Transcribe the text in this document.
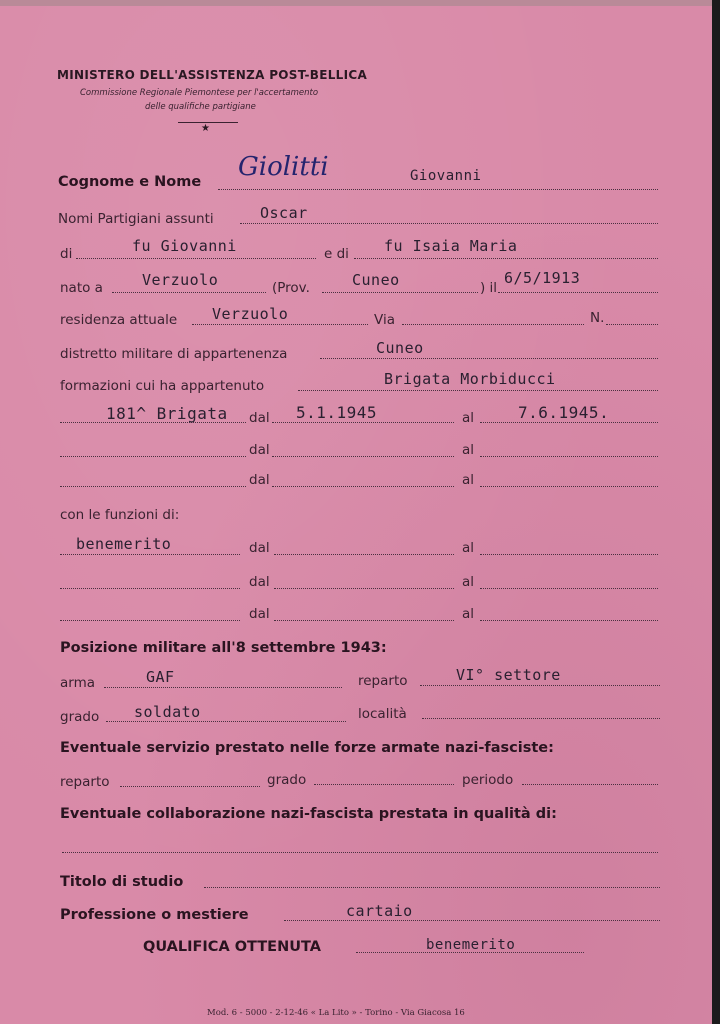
MINISTERO DELL'ASSISTENZA POST-BELLICA
Commissione Regionale Piemontese per l'accertamento
delle qualifiche partigiane
★
Cognome e Nome Giolitti	Giovanni
Nomi Partigiani assunti	Oscar
di	fu Giovanni	e di fu Isaia Maria
nato a	Verzuolo	(Prov.	Cuneo	) il
6/5/1913
residenza attuale Verzuolo	Via	N.
distretto militare di appartenenza	Cuneo
formazioni cui ha appartenuto	Brigata Morbiducci
181^ Brigata dal 5.1.1945	al	7.6.1945.
dal	al
dal	al
con le funzioni di:
benemerito	dal	al
dal	al
dal	al
Posizione militare all'8 settembre 1943:
arma	GAF	reparto	VI° settore
grado soldato	località
Eventuale servizio prestato nelle forze armate nazi-fasciste:
reparto	grado	periodo
Eventuale collaborazione nazi-fascista prestata in qualità di:
Titolo di studio
Professione o mestiere	cartaio
QUALIFICA OTTENUTA	benemerito
Mod. 6 - 5000 - 2-12-46 « La Lito » - Torino - Via Giacosa 16
